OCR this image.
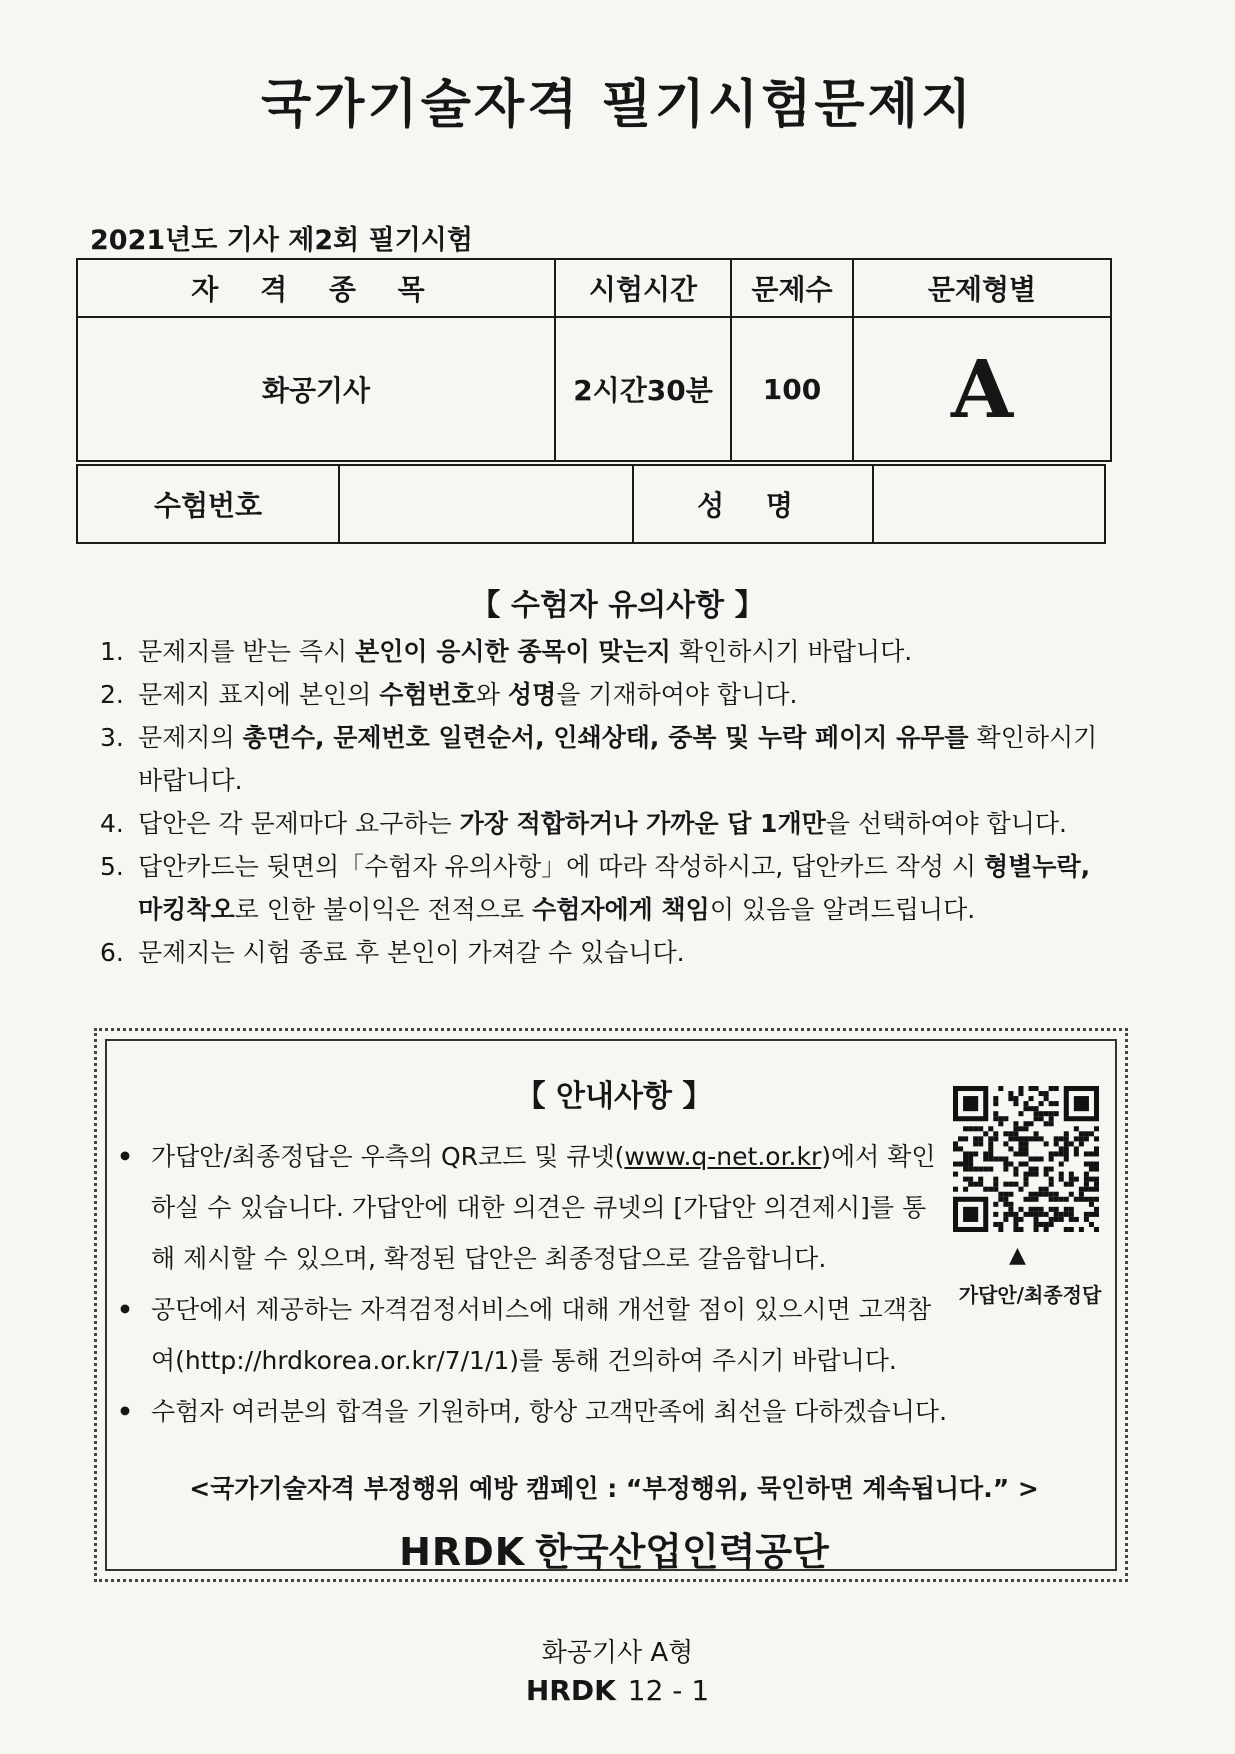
국가기술자격 필기시험문제지
2021년도 기사 제2회 필기시험
자 격 종 목	시험시간	문제수	문제형별
화공기사	2시간30분	100	A
수험번호		성 명	
【 수험자 유의사항 】
1. 문제지를 받는 즉시 본인이 응시한 종목이 맞는지 확인하시기 바랍니다.
2. 문제지 표지에 본인의 수험번호와 성명을 기재하여야 합니다.
3. 문제지의 총면수, 문제번호 일련순서, 인쇄상태, 중복 및 누락 페이지 유무를 확인하시기 바랍니다.
4. 답안은 각 문제마다 요구하는 가장 적합하거나 가까운 답 1개만을 선택하여야 합니다.
5. 답안카드는 뒷면의「수험자 유의사항」에 따라 작성하시고, 답안카드 작성 시 형별누락, 마킹착오로 인한 불이익은 전적으로 수험자에게 책임이 있음을 알려드립니다.
6. 문제지는 시험 종료 후 본인이 가져갈 수 있습니다.
【 안내사항 】
• 가답안/최종정답은 우측의 QR코드 및 큐넷(www.q-net.or.kr)에서 확인하실 수 있습니다. 가답안에 대한 의견은 큐넷의 [가답안 의견제시]를 통해 제시할 수 있으며, 확정된 답안은 최종정답으로 갈음합니다.
• 공단에서 제공하는 자격검정서비스에 대해 개선할 점이 있으시면 고객참여(http://hrdkorea.or.kr/7/1/1)를 통해 건의하여 주시기 바랍니다.
• 수험자 여러분의 합격을 기원하며, 항상 고객만족에 최선을 다하겠습니다.
▲
가답안/최종정답
<국가기술자격 부정행위 예방 캠페인 : “부정행위, 묵인하면 계속됩니다.” >
HRDK 한국산업인력공단
화공기사 A형
HRDK 12 - 1
